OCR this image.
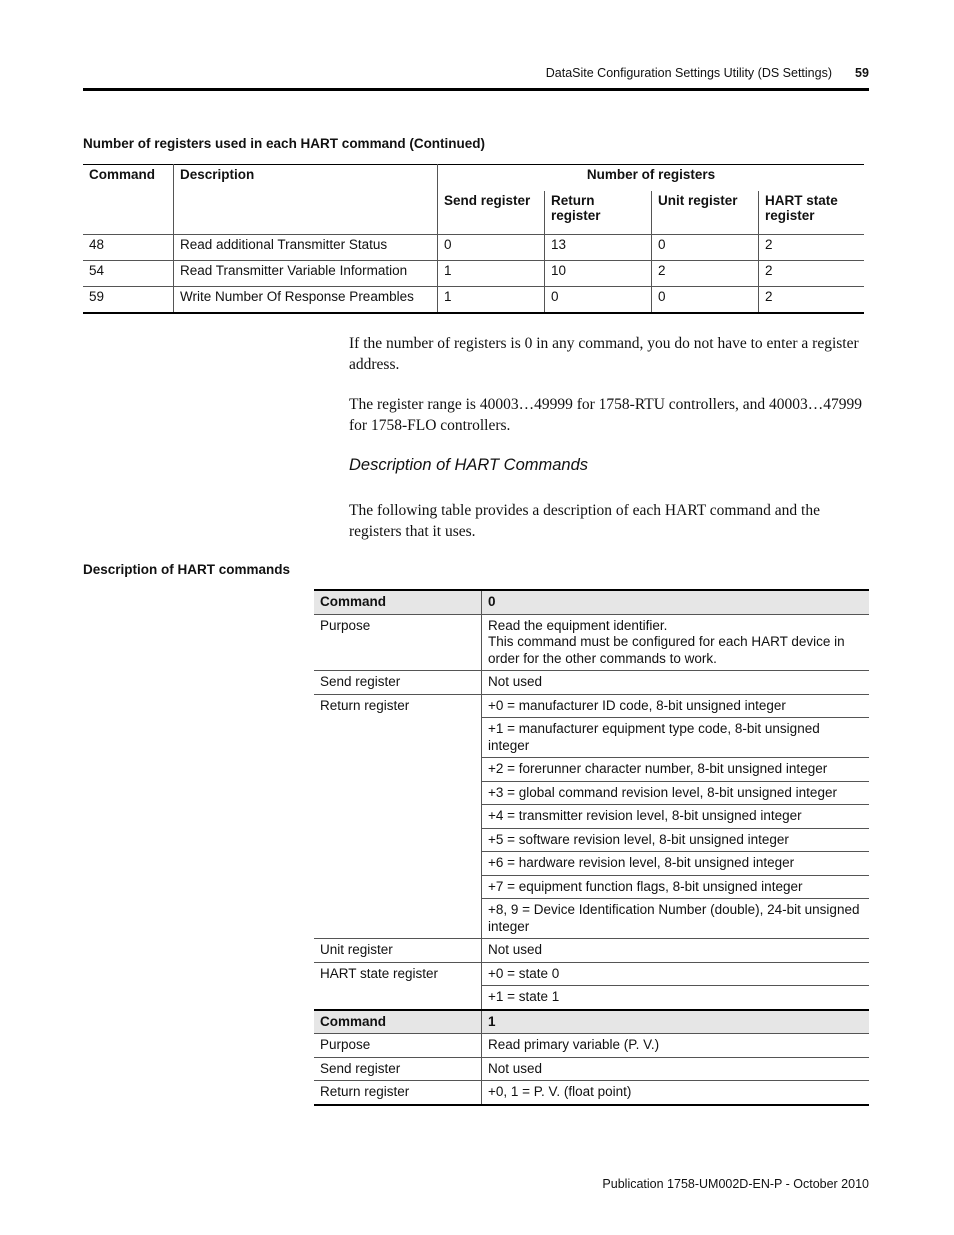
DataSite Configuration Settings Utility (DS Settings) 59
Number of registers used in each HART command (Continued)
Command	Description	Number of registers			
		Send register	Return register	Unit register	HART state register
48	Read additional Transmitter Status	0	13	0	2
54	Read Transmitter Variable Information	1	10	2	2
59	Write Number Of Response Preambles	1	0	0	2
If the number of registers is 0 in any command, you do not have to enter a register address.
The register range is 40003…49999 for 1758-RTU controllers, and 40003…47999 for 1758-FLO controllers.
Description of HART Commands
The following table provides a description of each HART command and the registers that it uses.
Description of HART commands
Command	0
Purpose	Read the equipment identifier.
This command must be configured for each HART device in order for the other commands to work.

Send register	Not used
Return register	+0 = manufacturer ID code, 8-bit unsigned integer
	+1 = manufacturer equipment type code, 8-bit unsigned integer
	+2 = forerunner character number, 8-bit unsigned integer
	+3 = global command revision level, 8-bit unsigned integer
	+4 = transmitter revision level, 8-bit unsigned integer
	+5 = software revision level, 8-bit unsigned integer
	+6 = hardware revision level, 8-bit unsigned integer
	+7 = equipment function flags, 8-bit unsigned integer
	+8, 9 = Device Identification Number (double), 24-bit unsigned integer
Unit register	Not used
HART state register	+0 = state 0
	+1 = state 1
Command	1
Purpose	Read primary variable (P. V.)
Send register	Not used
Return register	+0, 1 = P. V. (float point)
Publication 1758-UM002D-EN-P - October 2010
